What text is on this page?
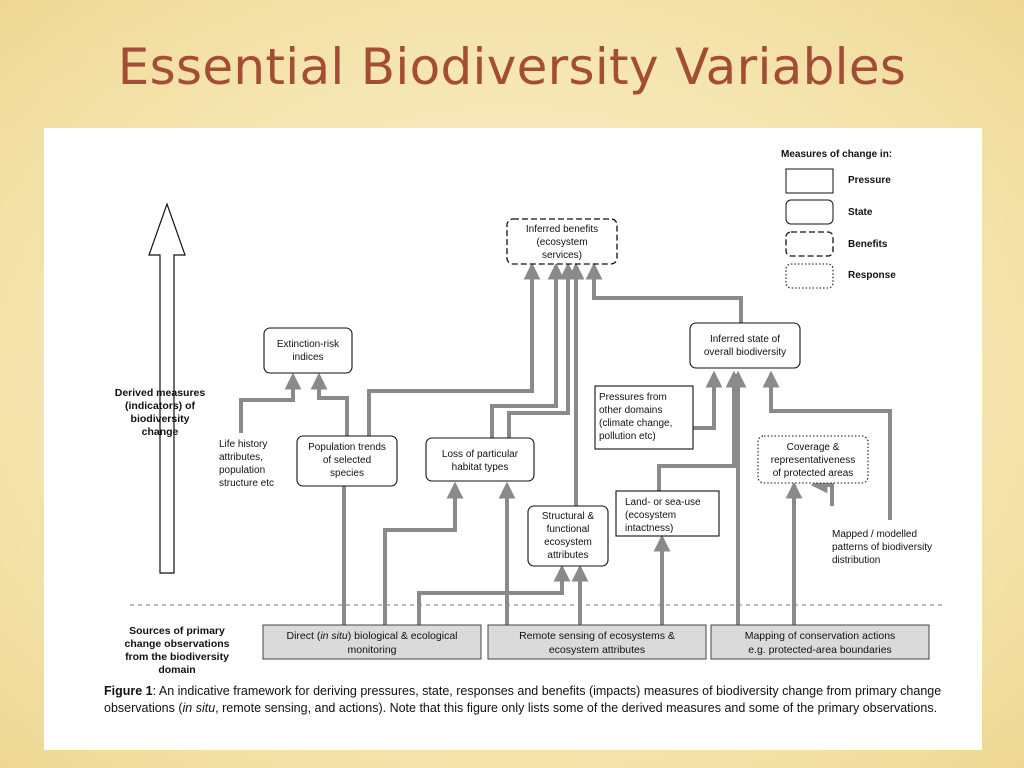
Essential Biodiversity Variables
Measures of change in:
Pressure
State
Benefits
Response
Derived measures
(indicators) of
biodiversity
change
Sources of primary
change observations
from the biodiversity
domain
Inferred benefits
(ecosystem
services)
Extinction-risk
indices
Inferred state of
overall biodiversity
Population trends
of selected
species
Loss of particular
habitat types
Structural &
functional
ecosystem
attributes
Pressures from
other domains
(climate change,
pollution etc)
Land- or sea-use
(ecosystem
intactness)
Coverage &
representativeness
of protected areas
Life history
attributes,
population
structure etc
Mapped / modelled
patterns of biodiversity
distribution
Direct (in situ) biological & ecological
monitoring
Remote sensing of ecosystems &
ecosystem attributes
Mapping of conservation actions
e.g. protected-area boundaries
Figure 1: An indicative framework for deriving pressures, state, responses and benefits (impacts) measures of biodiversity change from primary change observations (in situ, remote sensing, and actions). Note that this figure only lists some of the derived measures and some of the primary observations.
